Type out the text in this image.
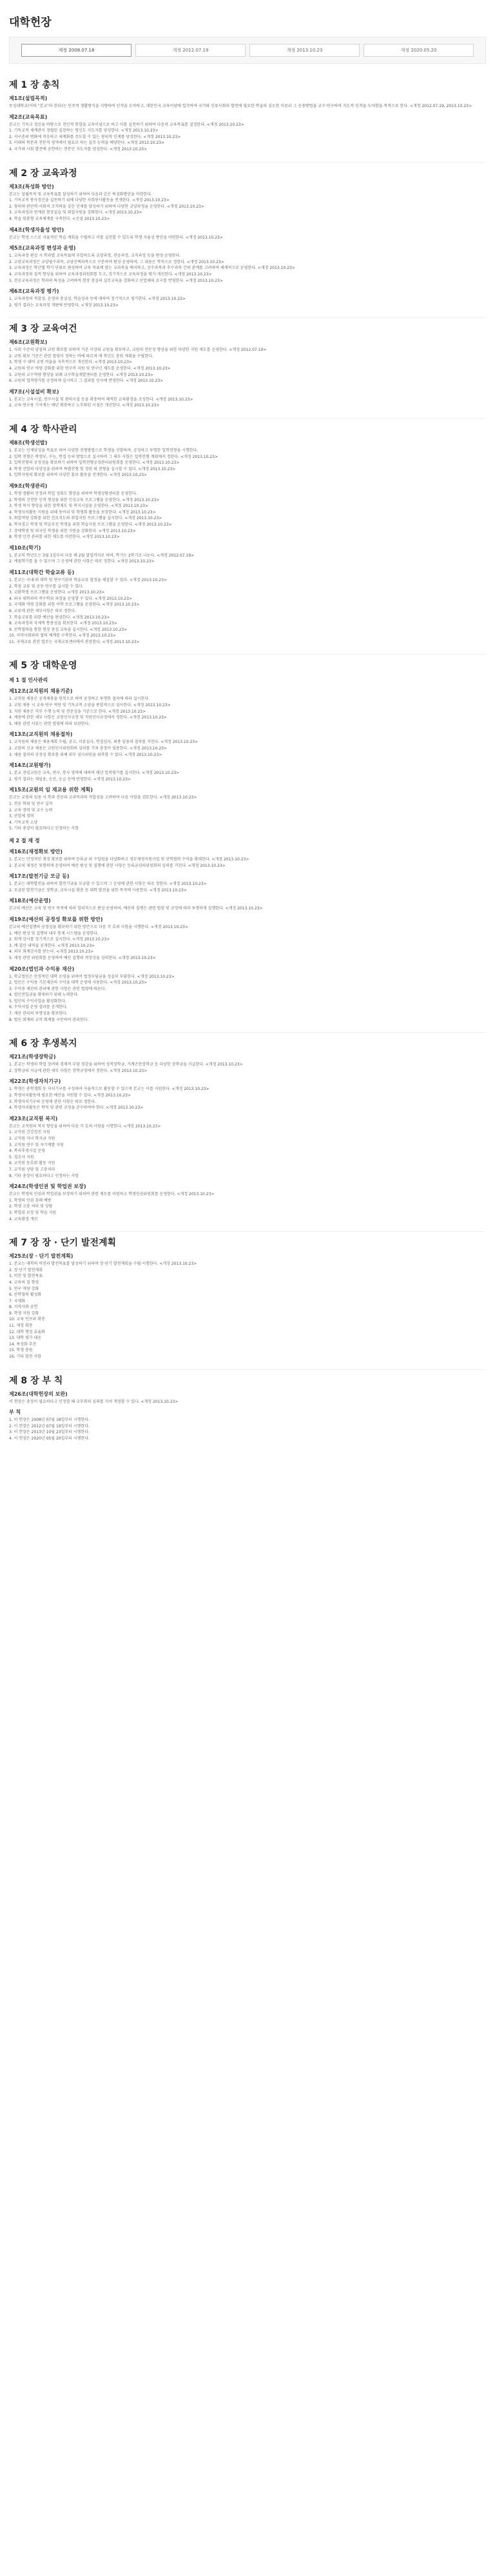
대학헌장
제정 2008.07.18	개정 2012.07.19	개정 2013.10.23	개정 2020.05.20
제 1 장 총칙
제1조(설립목적)

동성대학교(이하 "본교"라 한다)는 민주적 생활방식을 지향하여 인격을 도야하고, 대한민국 교육이념에 입각하여 국가와 인류사회의 발전에 필요한 학술의 심오한 이론과 그 응용방법을 교수·연구하며 지도적 인격을 도야함을 목적으로 한다. <개정 2012.07.19, 2013.10.23>

제2조(교육목표)

본교는 기독교 정신을 바탕으로 전인적 통합을 교육이념으로 하고 이를 실천하기 위하여 다음의 교육목표를 설정한다. <개정 2013.10.23>

1. 기독교적 세계관이 정립된 실천하는 평신도 지도자를 양성한다. <개정 2013.10.23>

2. 지구촌의 변화에 적응하고 세계화를 주도할 수 있는 창의적 인재를 양성한다. <개정 2013.10.23>

3. 미래의 학문과 전문직 영역에서 필요로 하는 실무 능력을 배양한다. <개정 2013.10.23>

4. 국가와 사회 발전에 공헌하는 전문인 지도자를 양성한다. <개정 2013.10.23>

제 2 장 교육과정
제3조(특성화 방안)

본교는 설립목적 및 교육목표를 달성하기 위하여 다음과 같은 특성화방안을 마련한다.

1. 기독교적 봉사정신을 실천하기 위해 다양한 사회봉사활동을 전개한다. <개정 2013.10.23>

2. 창의력·판단력·사회적 조직력을 갖춘 인재를 양성하기 위하여 다양한 교양과정을 운영한다. <개정 2013.10.23>

3. 교육과정과 연계된 현장실습 및 취업지원을 강화한다. <개정 2013.10.23>

4. 학습 맞춤형 교육체계를 구축한다. <신설 2013.10.23>

제4조(학생자율성 방안)

본교는 학생 스스로 자율적인 학습 계획을 수립하고 이를 실천할 수 있도록 학생 자율성 방안을 마련한다. <개정 2013.10.23>

제5조(교육과정 편성과 운영)

1. 교육과정 편성 시 학과별 교육목표에 부합하도록 교양과정, 전공과정, 교직과정 등을 편성·운영한다.

2. 교양교육과정은 교양필수과목, 교양선택과목으로 구분하여 편성·운영하며, 그 내용은 학칙으로 정한다. <개정 2013.10.23>

3. 교육과정은 학년별 학기 단위로 편성하여 교육 목표에 맞는 교과목을 배치하고, 선수과목과 후수과목 간의 관계를 고려하여 체계적으로 운영한다. <개정 2013.10.23>

4. 교육과정의 질적 향상을 위하여 교육과정위원회를 두고, 정기적으로 교육과정을 평가·개선한다. <개정 2013.10.23>

5. 전공교육과정은 학과의 특성을 고려하여 현장 중심의 실무교육을 강화하고 산업체의 요구를 반영한다. <개정 2013.10.23>

제6조(교육과정 평가)

1. 교육과정의 적합성, 운영의 충실성, 학습성과 등에 대하여 정기적으로 평가한다. <개정 2013.10.23>

2. 평가 결과는 교육과정 개편에 반영한다. <개정 2013.10.23>

제 3 장 교육여건
제6조(교원확보)

1. 사회 수준의 양질의 교원 확보를 위하여 기준 이상의 교원을 확보하고, 교원의 전문성 향상을 위한 다양한 지원 제도를 운영한다. <개정 2012.07.19>

2. 교원 확보 기준은 관련 법령이 정하는 바에 따르며 매 학년도 충원 계획을 수립한다.

3. 학생 수 대비 교원 비율을 지속적으로 개선한다. <개정 2013.10.23>

4. 교원의 연구 역량 강화를 위한 연구비 지원 및 연구년 제도를 운영한다. <개정 2013.10.23>

5. 교원의 교수역량 향상을 위해 교수학습개발센터를 운영한다. <개정 2013.10.23>

6. 교원의 업적평가를 공정하게 실시하고 그 결과를 인사에 반영한다. <개정 2013.10.23>

제7조(시설설비 확보)

1. 본교는 교육시설, 연구시설 및 편의시설 등을 확충하여 쾌적한 교육환경을 조성한다. <개정 2013.10.23>

2. 교육·연구용 기자재는 매년 확충하고 노후화된 시설은 개선한다. <개정 2013.10.23>

제 4 장 학사관리
제8조(학생선발)

1. 본교는 인재양성을 목표로 하여 다양한 전형방법으로 학생을 선발하며, 공정하고 투명한 입학전형을 시행한다.

2. 입학 전형은 학생부, 수능, 면접 등의 방법으로 실시하며 그 세부 사항은 입학전형 계획에서 정한다. <개정 2013.10.23>

3. 입학전형의 공정성을 확보하기 위하여 입학전형공정관리위원회를 운영한다. <개정 2013.10.23>

4. 학생 선발의 다양성을 위하여 특별전형 및 정원 외 전형을 실시할 수 있다. <개정 2013.10.23>

5. 입학자원의 확보를 위하여 다양한 홍보 활동을 전개한다. <개정 2013.10.23>

제9조(학생관리)

1. 학생 생활의 안정과 학업 성취도 향상을 위하여 학생상담센터를 운영한다.

2. 학생의 건전한 인격 형성을 위한 인성교육 프로그램을 운영한다. <개정 2013.10.23>

3. 학생 복지 향상을 위한 장학제도 및 복지시설을 운영한다. <개정 2013.10.23>

4. 학생자치활동 지원을 위해 동아리 및 학생회 활동을 보장한다. <개정 2013.10.23>

5. 취업역량 강화를 위한 진로지도와 취업지원 프로그램을 실시한다. <개정 2013.10.23>

6. 학사경고 학생 및 학습부진 학생을 위한 학습지원 프로그램을 운영한다. <개정 2013.10.23>

7. 장애학생 및 외국인 학생을 위한 지원을 강화한다. <개정 2013.10.23>

8. 학생 안전 관리를 위한 제도를 마련한다. <개정 2013.10.23>

제10조(학기)

1. 본교의 학년도는 3월 1일부터 다음 해 2월 말일까지로 하며, 학기는 2학기로 나눈다. <개정 2012.07.19>

2. 계절학기를 둘 수 있으며 그 운영에 관한 사항은 따로 정한다. <개정 2013.10.23>

제11조(대학간 학술교류 등)

1. 본교는 국내·외 대학 및 연구기관과 학술교류 협정을 체결할 수 있다. <개정 2013.10.23>

2. 학점 교류 및 공동 연구를 실시할 수 있다.

3. 교환학생 프로그램을 운영한다. <개정 2013.10.23>

4. 외국 대학과의 복수학위 과정을 운영할 수 있다. <개정 2013.10.23>

5. 국제화 역량 강화를 위한 어학 프로그램을 운영한다. <개정 2013.10.23>

6. 교류에 관한 세부사항은 따로 정한다.

7. 학술교류를 위한 예산을 편성한다. <개정 2013.10.23>

8. 교육과정의 국제적 통용성을 확보한다. <개정 2013.10.23>

9. 산학협력을 통한 현장 중심 교육을 실시한다. <개정 2013.10.23>

10. 지역사회와의 협력 체계를 구축한다. <개정 2013.10.23>

11. 국제교류 관련 업무는 국제교류센터에서 관장한다. <개정 2013.10.23>

제 5 장 대학운영
제 1 절 인사관리
제12조(교직원의 채용기준)

1. 교직원 채용은 공개채용을 원칙으로 하며 공정하고 투명한 절차에 따라 실시한다.

2. 교원 채용 시 교육·연구 역량 및 기독교적 소양을 종합적으로 심사한다. <개정 2013.10.23>

3. 직원 채용은 직무 수행 능력 및 전문성을 기준으로 한다. <개정 2013.10.23>

4. 채용에 관한 세부 사항은 교원인사규정 및 직원인사규정에서 정한다. <개정 2013.10.23>

5. 채용 관련 서류는 관련 법령에 따라 보관한다.

제13조(교직원의 채용절차)

1. 교직원의 채용은 채용계획 수립, 공고, 서류심사, 면접심사, 최종 임용의 절차를 거친다. <개정 2013.10.23>

2. 교원의 신규 채용은 교원인사위원회의 심의를 거쳐 총장이 임용한다. <개정 2013.10.23>

3. 채용 절차의 공정성 확보를 위해 외부 심사위원을 위촉할 수 있다. <개정 2013.10.23>

제14조(교원평가)

1. 본교 전임교원은 교육, 연구, 봉사 영역에 대하여 매년 업적평가를 실시한다. <개정 2013.10.23>

2. 평가 결과는 재임용, 승진, 승급 등에 반영한다. <개정 2013.10.23>

제15조(교원의 임 재교용 위한 계획)

본교는 교원의 임용 시 학과 전공과 교과목과의 적합성을 고려하여 다음 사항을 검토한다. <개정 2013.10.23>

1. 전공 학위 및 연구 실적

2. 교육 경력 및 교수 능력

3. 산업체 경력

4. 기독교적 소양

5. 기타 총장이 필요하다고 인정하는 사항

제 2 절 재 정
제16조(재정확보 방안)

1. 본교는 안정적인 재정 확보를 위하여 등록금 외 수입원을 다양화하고 정부재정지원사업 및 산학협력 수익을 확대한다. <개정 2013.10.23>

2. 본교의 재정은 투명하게 운영하며 예산 편성 및 집행에 관한 사항은 등록금심의위원회의 심의를 거친다. <개정 2013.10.23>

제17조(발전기금 모금 등)

1. 본교는 대학발전을 위하여 발전기금을 모금할 수 있으며 그 운영에 관한 사항은 따로 정한다. <개정 2013.10.23>

2. 모금된 발전기금은 장학금, 교육시설 확충 등 대학 발전을 위한 목적에 사용한다. <개정 2013.10.23>

제18조(예산운영)

본교의 예산은 교육 및 연구 목적에 따라 합리적으로 편성·운영하며, 예산의 집행은 관련 법령 및 규정에 따라 투명하게 집행한다. <개정 2013.10.23>

제19조(예산의 공정성 확보를 위한 방안)

본교의 예산집행의 공정성을 확보하기 위한 방안으로 다음 각 호의 사항을 시행한다. <개정 2013.10.23>

1. 예산 편성 및 집행의 내부 통제 시스템을 운영한다.

2. 회계 감사를 정기적으로 실시한다. <개정 2013.10.23>

3. 예·결산 내역을 공개한다. <개정 2013.10.23>

4. 외부 회계감사를 받는다. <개정 2013.10.23>

5. 재정 관련 위원회를 운영하여 예산 집행의 적정성을 심의한다. <개정 2013.10.23>

제20조(법인과 수익용 재산)

1. 학교법인은 안정적인 대학 운영을 위하여 법정부담금을 성실히 부담한다. <개정 2013.10.23>

2. 법인은 수익용 기본재산의 수익을 대학 운영에 사용한다. <개정 2013.10.23>

3. 수익용 재산의 관리에 관한 사항은 관련 법령에 따른다.

4. 법인전입금을 확대하기 위해 노력한다.

5. 법인의 수익사업을 활성화한다.

6. 수익사업 운영 결과를 공개한다.

7. 재산 관리의 투명성을 확보한다.

8. 법인 회계와 교비 회계를 구분하여 관리한다.

제 6 장 후생복지
제21조(학생장학금)

1. 본교는 학생의 학업 장려와 경제적 부담 경감을 위하여 성적장학금, 가계곤란장학금 등 다양한 장학금을 지급한다. <개정 2013.10.23>

2. 장학금의 지급에 관한 세부 사항은 장학규정에서 정한다. <개정 2013.10.23>

제22조(학생자치기구)

1. 학생은 총학생회 등 자치기구를 구성하여 자율적으로 활동할 수 있으며 본교는 이를 지원한다. <개정 2013.10.23>

2. 학생자치활동에 필요한 예산을 지원할 수 있다. <개정 2013.10.23>

3. 학생자치기구의 운영에 관한 사항은 따로 정한다.

4. 학생자치활동은 학칙 및 관련 규정을 준수하여야 한다. <개정 2013.10.23>

제23조(교직원 복지)

본교는 교직원의 복지 향상을 위하여 다음 각 호의 사항을 시행한다. <개정 2013.10.23>

1. 교직원 건강검진 지원

2. 교직원 자녀 학자금 지원

3. 교직원 연수 및 자기계발 지원

4. 복리후생시설 운영

5. 경조사 지원

6. 교직원 동호회 활동 지원

7. 교직원 상담 및 고충처리

8. 기타 총장이 필요하다고 인정하는 사항

제24조(학생인권 및 학업권 보장)

본교는 학생의 인권과 학업권을 보장하기 위하여 관련 제도를 마련하고 학생인권위원회를 운영한다. <개정 2013.10.23>

1. 학생의 인권 침해 예방

2. 학생 고충 처리 및 상담

3. 학업권 보장 및 학습 지원

4. 교육환경 개선

제 7 장 장 · 단기 발전계획
제25조(장 · 단기 발전계획)

1. 본교는 대학의 비전과 발전목표를 달성하기 위하여 장·단기 발전계획을 수립·시행한다. <개정 2013.10.23>

2. 장·단기 발전계획

3. 비전 및 발전목표

4. 교육의 질 향상

5. 연구 역량 강화

6. 산학협력 활성화

7. 국제화

8. 지역사회 공헌

9. 학생 지원 강화

10. 교육 인프라 확충

11. 재정 확충

12. 대학 행정 효율화

13. 대학 평가 대응

14. 특성화 추진

15. 학생 충원

16. 기타 발전 사항

제 8 장 부 칙
제26조(대학헌장의 보완)

이 헌장은 총장이 필요하다고 인정할 때 교무회의 심의를 거쳐 개정할 수 있다. <개정 2013.10.23>

부 칙

1. 이 헌장은 2008년 07월 18일부터 시행한다.

2. 이 헌장은 2012년 07월 19일부터 시행한다.

3. 이 헌장은 2013년 10월 23일부터 시행한다.

4. 이 헌장은 2020년 05월 20일부터 시행한다.
